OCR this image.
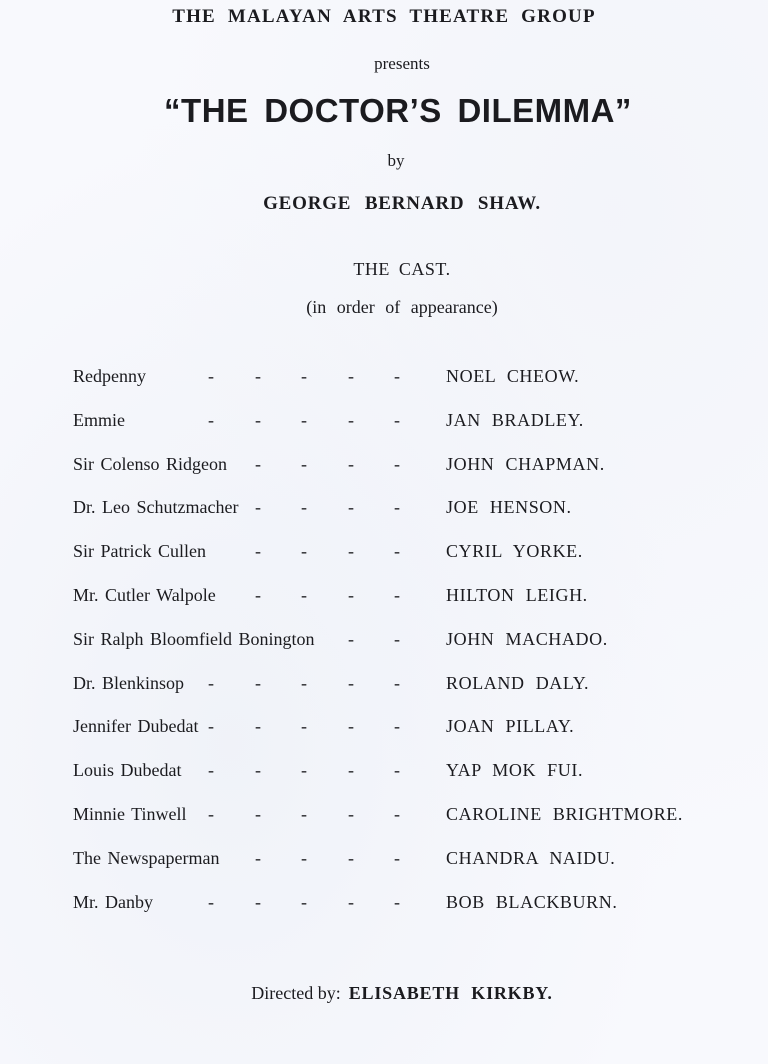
THE MALAYAN ARTS THEATRE GROUP
presents
“THE DOCTOR’S DILEMMA”
by
GEORGE BERNARD SHAW.
THE CAST.
(in order of appearance)
Redpenny	NOEL CHEOW.
- - - - -
Emmie	JAN BRADLEY.
- - - - -
Sir Colenso Ridgeon	JOHN CHAPMAN.
- - - -
Dr. Leo Schutzmacher	JOE HENSON.
- - - -
Sir Patrick Cullen	CYRIL YORKE.
- - - -
Mr. Cutler Walpole	HILTON LEIGH.
- - - -
Sir Ralph Bloomfield Bonington	JOHN MACHADO.
- -
Dr. Blenkinsop	ROLAND DALY.
- - - - -
Jennifer Dubedat	JOAN PILLAY.
- - - - -
Louis Dubedat	YAP MOK FUI.
- - - - -
Minnie Tinwell	CAROLINE BRIGHTMORE.
- - - - -
The Newspaperman	CHANDRA NAIDU.
- - - -
Mr. Danby	BOB BLACKBURN.
- - - - -
Directed by: ELISABETH KIRKBY.
